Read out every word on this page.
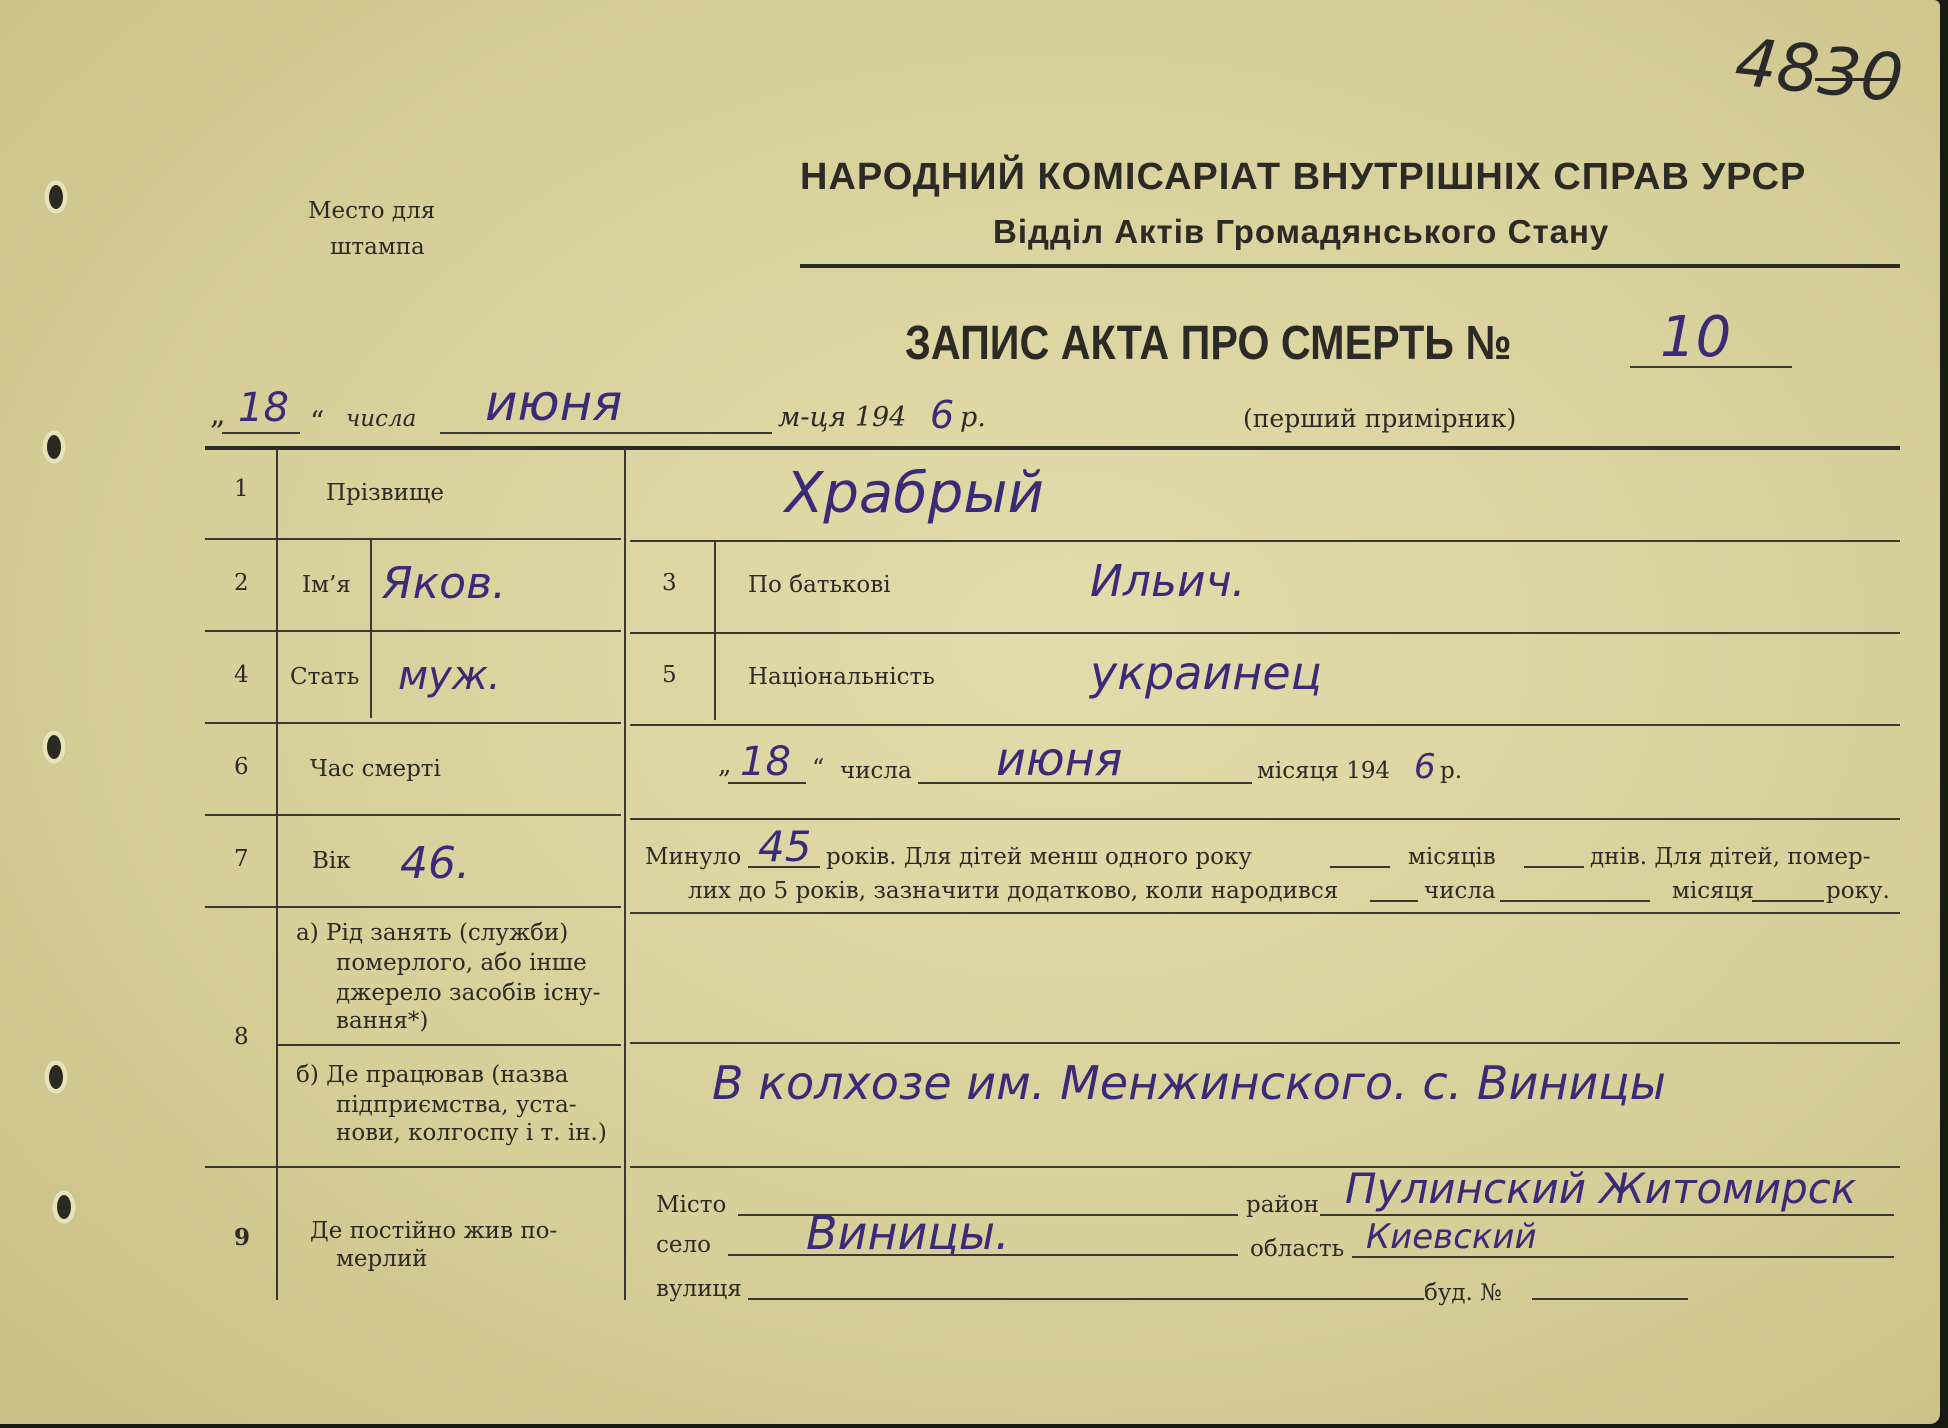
4830
Место для
штампа
НАРОДНИЙ КОМІСАРІАТ ВНУТРІШНІХ СПРАВ УРСР
Відділ Актів Громадянського Стану
ЗАПИС АКТА ПРО СМЕРТЬ №	10
„ 18 “ числа июня	м-ця 194 6 р.	(перший примірник)
1	Прізвище	Храбрый
2 Ім’я Яков.	3	По батькові	Ильич.
4 Стать муж.	5	Національність	украинец
6	Час смерті	„ 18 “ числа июня	місяця 194 6 р.
7	Вік 46.	Минуло 45 років. Для дітей менш одного року	місяців	днів. Для дітей, помер-
лих до 5 років, зазначити додатково, коли народився	числа	місяця	року.
8
а) Рід занять (служби)
померлого, або інше
джерело засобів існу-
вання*)
б) Де працював (назва
підприємства, уста-
нови, колгоспу і т. ін.)
В колхозе им. Менжинского. с. Виницы
9	Де постійно жив по-
мерлий
Місто	район Пулинский Житомирск
село Виницы.	область Киевский
вулиця	буд. №
